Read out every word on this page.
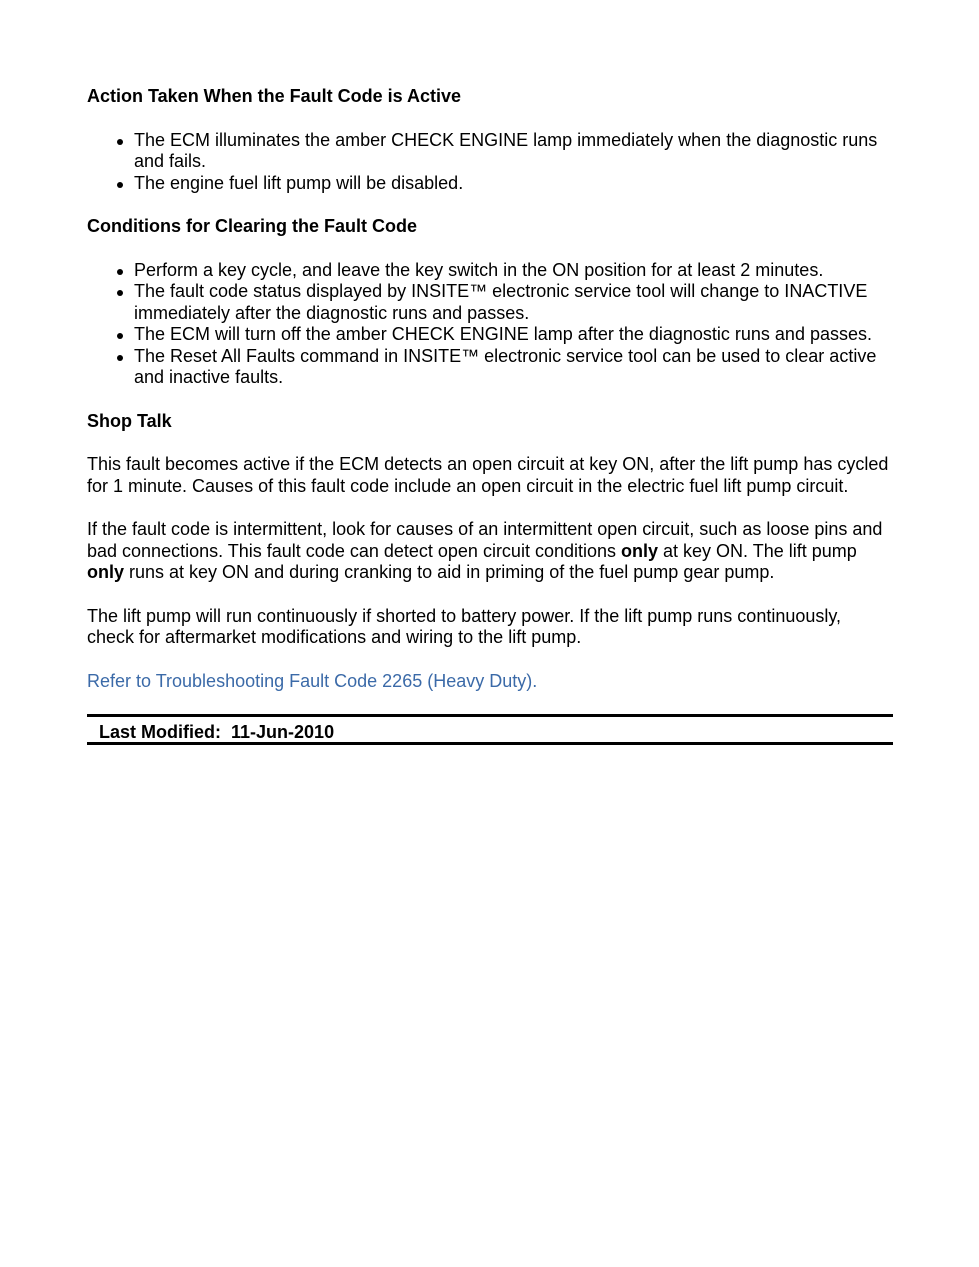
Action Taken When the Fault Code is Active
The ECM illuminates the amber CHECK ENGINE lamp immediately when the diagnostic runs and fails.
The engine fuel lift pump will be disabled.
Conditions for Clearing the Fault Code
Perform a key cycle, and leave the key switch in the ON position for at least 2 minutes.
The fault code status displayed by INSITE™ electronic service tool will change to INACTIVE immediately after the diagnostic runs and passes.
The ECM will turn off the amber CHECK ENGINE lamp after the diagnostic runs and passes.
The Reset All Faults command in INSITE™ electronic service tool can be used to clear active and inactive faults.
Shop Talk

This fault becomes active if the ECM detects an open circuit at key ON, after the lift pump has cycled for 1 minute. Causes of this fault code include an open circuit in the electric fuel lift pump circuit.

If the fault code is intermittent, look for causes of an intermittent open circuit, such as loose pins and bad connections. This fault code can detect open circuit conditions only at key ON. The lift pump only runs at key ON and during cranking to aid in priming of the fuel pump gear pump.

The lift pump will run continuously if shorted to battery power. If the lift pump runs continuously, check for aftermarket modifications and wiring to the lift pump.

Refer to Troubleshooting Fault Code 2265 (Heavy Duty).

Last Modified: 11-Jun-2010
